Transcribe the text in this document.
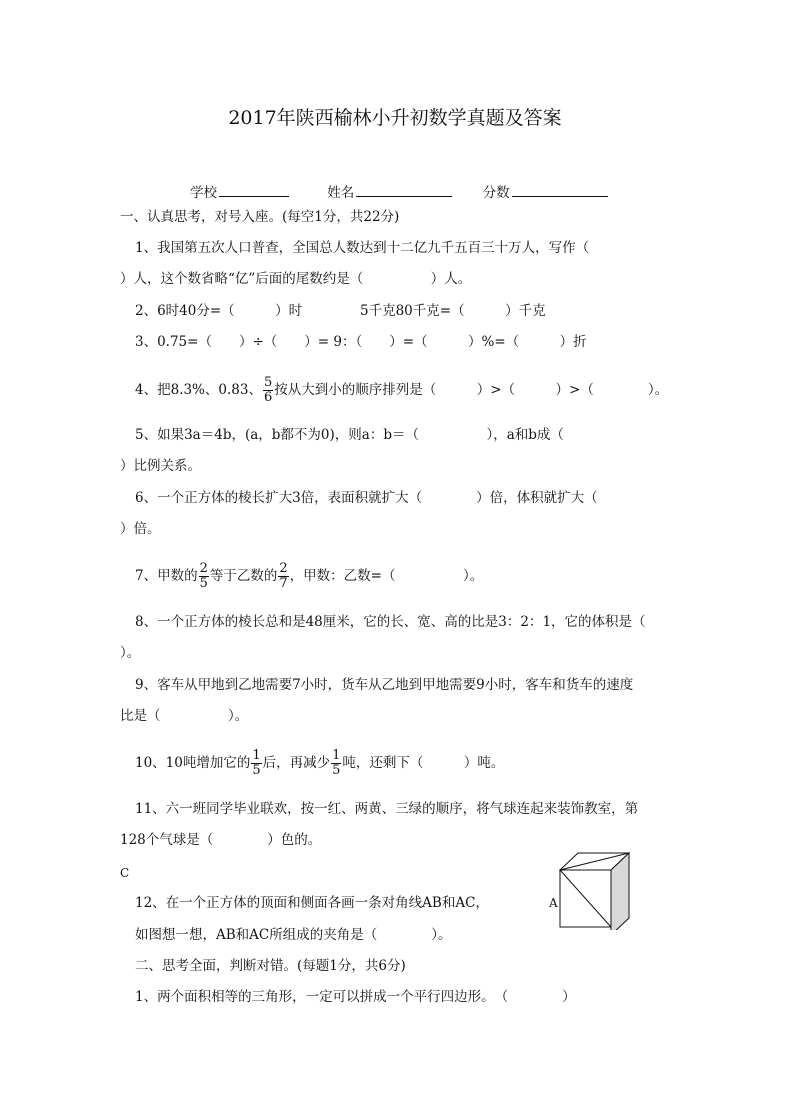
2017年陕西榆林小升初数学真题及答案
学校	姓名	分数
一、认真思考，对号入座。(每空1分，共22分)
1、我国第五次人口普查，全国总人数达到十二亿九千五百三十万人，写作（
）人，这个数省略“亿”后面的尾数约是（　　　　　）人。
2、6时40分=（　　　）时	5千克80千克=（　　　）千克
3、0.75=（　　）÷（　　）= 9：（　　）=（　　　）%=（　　　）折
4、把8.3%、0.83、 $\frac{5}{6}$ 按从大到小的顺序排列是（　　　）>（　　　）>（　　　　）。
5、如果3a＝4b，(a，b都不为0)，则a：b＝（　　　　　），a和b成（
）比例关系。
6、一个正方体的棱长扩大3倍，表面积就扩大（　　　　）倍，体积就扩大（
）倍。
7、甲数的 $\frac{2}{5}$ 等于乙数的 $\frac{2}{7}$ ，甲数：乙数=（　　　　　）。
8、一个正方体的棱长总和是48厘米，它的长、宽、高的比是3：2：1，它的体积是（
）。
9、客车从甲地到乙地需要7小时，货车从乙地到甲地需要9小时，客车和货车的速度
比是（　　　　　）。
10、10吨增加它的 $\frac{1}{5}$ 后，再减少 $\frac{1}{5}$ 吨，还剩下（　　　）吨。
11、六一班同学毕业联欢，按一红、两黄、三绿的顺序，将气球连起来装饰教室，第
128个气球是（　　　　）色的。
C
A
12、在一个正方体的顶面和侧面各画一条对角线AB和AC，
如图想一想，AB和AC所组成的夹角是（　　　　）。
二、思考全面，判断对错。(每题1分，共6分)
1、两个面积相等的三角形，一定可以拼成一个平行四边形。　（　　　　）
